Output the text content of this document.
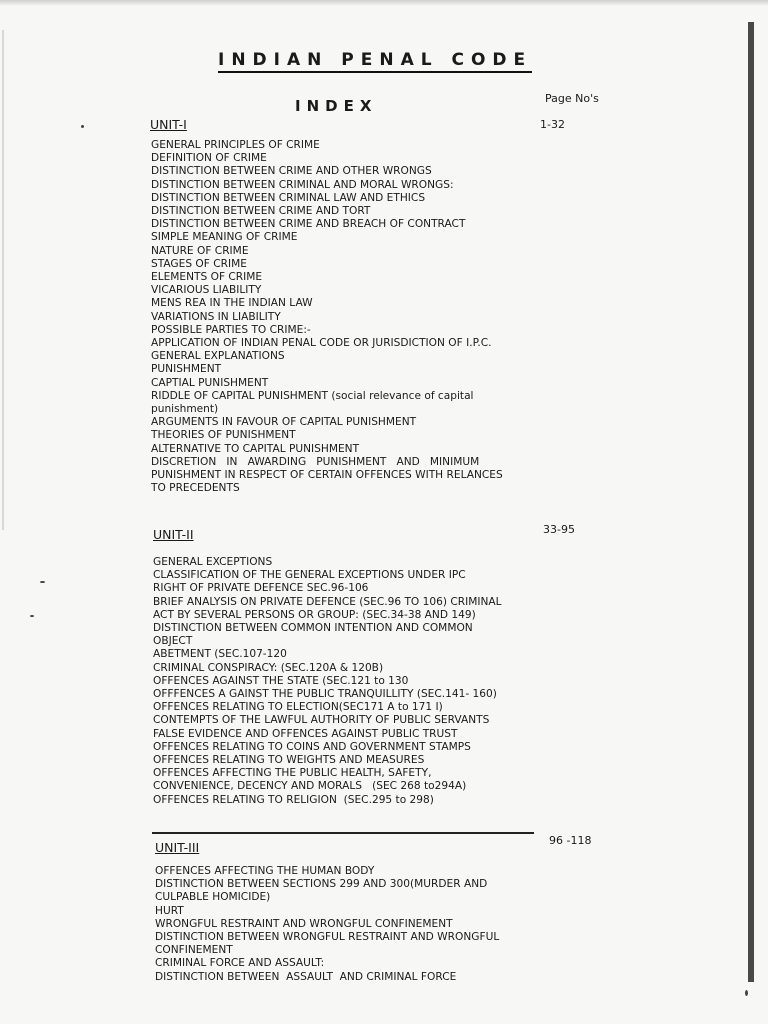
INDIAN PENAL CODE
INDEX	Page No's
UNIT-I	1-32
GENERAL PRINCIPLES OF CRIME
DEFINITION OF CRIME
DISTINCTION BETWEEN CRIME AND OTHER WRONGS
DISTINCTION BETWEEN CRIMINAL AND MORAL WRONGS:
DISTINCTION BETWEEN CRIMINAL LAW AND ETHICS
DISTINCTION BETWEEN CRIME AND TORT
DISTINCTION BETWEEN CRIME AND BREACH OF CONTRACT
SIMPLE MEANING OF CRIME
NATURE OF CRIME
STAGES OF CRIME
ELEMENTS OF CRIME
VICARIOUS LIABILITY
MENS REA IN THE INDIAN LAW
VARIATIONS IN LIABILITY
POSSIBLE PARTIES TO CRIME:-
APPLICATION OF INDIAN PENAL CODE OR JURISDICTION OF I.P.C.
GENERAL EXPLANATIONS
PUNISHMENT
CAPTIAL PUNISHMENT
RIDDLE OF CAPITAL PUNISHMENT (social relevance of capital
punishment)
ARGUMENTS IN FAVOUR OF CAPITAL PUNISHMENT
THEORIES OF PUNISHMENT
ALTERNATIVE TO CAPITAL PUNISHMENT
DISCRETION   IN   AWARDING   PUNISHMENT   AND   MINIMUM
PUNISHMENT IN RESPECT OF CERTAIN OFFENCES WITH RELANCES
TO PRECEDENTS
UNIT-II	33-95
GENERAL EXCEPTIONS
CLASSIFICATION OF THE GENERAL EXCEPTIONS UNDER IPC
RIGHT OF PRIVATE DEFENCE SEC.96-106
BRIEF ANALYSIS ON PRIVATE DEFENCE (SEC.96 TO 106) CRIMINAL
ACT BY SEVERAL PERSONS OR GROUP: (SEC.34-38 AND 149)
DISTINCTION BETWEEN COMMON INTENTION AND COMMON
OBJECT
ABETMENT (SEC.107-120
CRIMINAL CONSPIRACY: (SEC.120A & 120B)
OFFENCES AGAINST THE STATE (SEC.121 to 130
OFFFENCES A GAINST THE PUBLIC TRANQUILLITY (SEC.141- 160)
OFFENCES RELATING TO ELECTION(SEC171 A to 171 I)
CONTEMPTS OF THE LAWFUL AUTHORITY OF PUBLIC SERVANTS
FALSE EVIDENCE AND OFFENCES AGAINST PUBLIC TRUST
OFFENCES RELATING TO COINS AND GOVERNMENT STAMPS
OFFENCES RELATING TO WEIGHTS AND MEASURES
OFFENCES AFFECTING THE PUBLIC HEALTH, SAFETY,
CONVENIENCE, DECENCY AND MORALS   (SEC 268 to294A)
OFFENCES RELATING TO RELIGION  (SEC.295 to 298)
UNIT-III	96 -118
OFFENCES AFFECTING THE HUMAN BODY
DISTINCTION BETWEEN SECTIONS 299 AND 300(MURDER AND
CULPABLE HOMICIDE)
HURT
WRONGFUL RESTRAINT AND WRONGFUL CONFINEMENT
DISTINCTION BETWEEN WRONGFUL RESTRAINT AND WRONGFUL
CONFINEMENT
CRIMINAL FORCE AND ASSAULT:
DISTINCTION BETWEEN  ASSAULT  AND CRIMINAL FORCE
